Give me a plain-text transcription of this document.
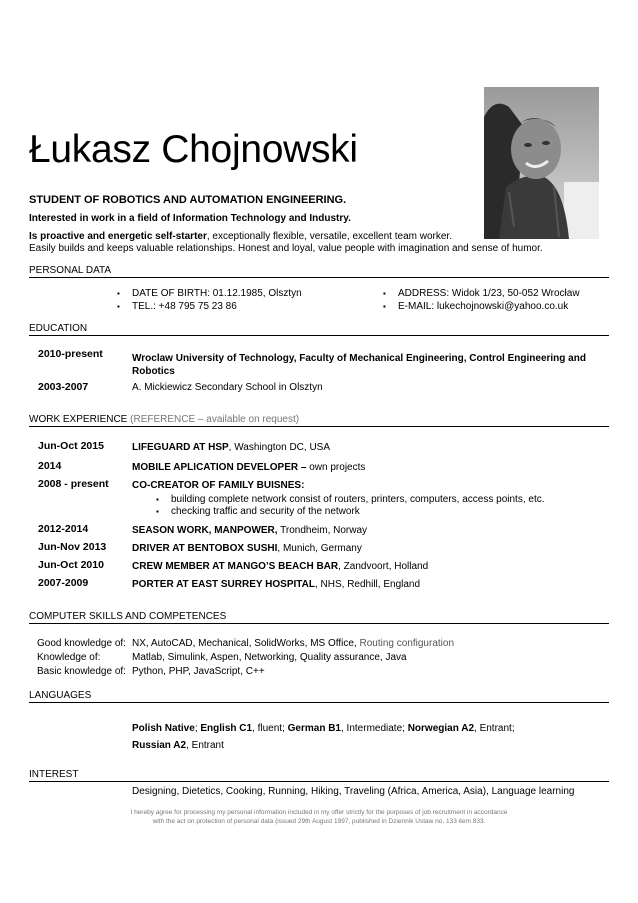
Łukasz Chojnowski
STUDENT OF ROBOTICS AND AUTOMATION ENGINEERING.
Interested in work in a field of Information Technology and Industry.
Is proactive and energetic self-starter, exceptionally flexible, versatile, excellent team worker.
Easily builds and keeps valuable relationships. Honest and loyal, value people with imagination and sense of humor.
PERSONAL DATA
▪ DATE OF BIRTH: 01.12.1985, Olsztyn
▪ TEL.: +48 795 75 23 86
▪ ADDRESS: Widok 1/23, 50-052 Wrocław
▪ E-MAIL: lukechojnowski@yahoo.co.uk
EDUCATION
2010-present	Wroclaw University of Technology, Faculty of Mechanical Engineering, Control Engineering and Robotics
2003-2007	A. Mickiewicz Secondary School in Olsztyn
WORK EXPERIENCE (REFERENCE – available on request)
Jun-Oct 2015	LIFEGUARD AT HSP, Washington DC, USA
2014	MOBILE APLICATION DEVELOPER – own projects
2008 - present CO-CREATOR OF FAMILY BUISNES:
▪ building complete network consist of routers, printers, computers, access points, etc.
▪ checking traffic and security of the network
2012-2014	SEASON WORK, MANPOWER, Trondheim, Norway
Jun-Nov 2013	DRIVER AT BENTOBOX SUSHI, Munich, Germany
Jun-Oct 2010	CREW MEMBER AT MANGO’S BEACH BAR, Zandvoort, Holland
2007-2009	PORTER AT EAST SURREY HOSPITAL, NHS, Redhill, England
COMPUTER SKILLS AND COMPETENCES
Good knowledge of: NX, AutoCAD, Mechanical, SolidWorks, MS Office, Routing configuration
Knowledge of:	Matlab, Simulink, Aspen, Networking, Quality assurance, Java
Basic knowledge of: Python, PHP, JavaScript, C++
LANGUAGES
Polish Native; English C1, fluent; German B1, Intermediate; Norwegian A2, Entrant;
Russian A2, Entrant
INTEREST
Designing, Dietetics, Cooking, Running, Hiking, Traveling (Africa, America, Asia), Language learning
I hereby agree for processing my personal information included in my offer strictly for the purposes of job recruitment in accordance
with the act on protection of personal data (issued 29th August 1997, published in Dziennik Ustaw no. 133 item 833.
